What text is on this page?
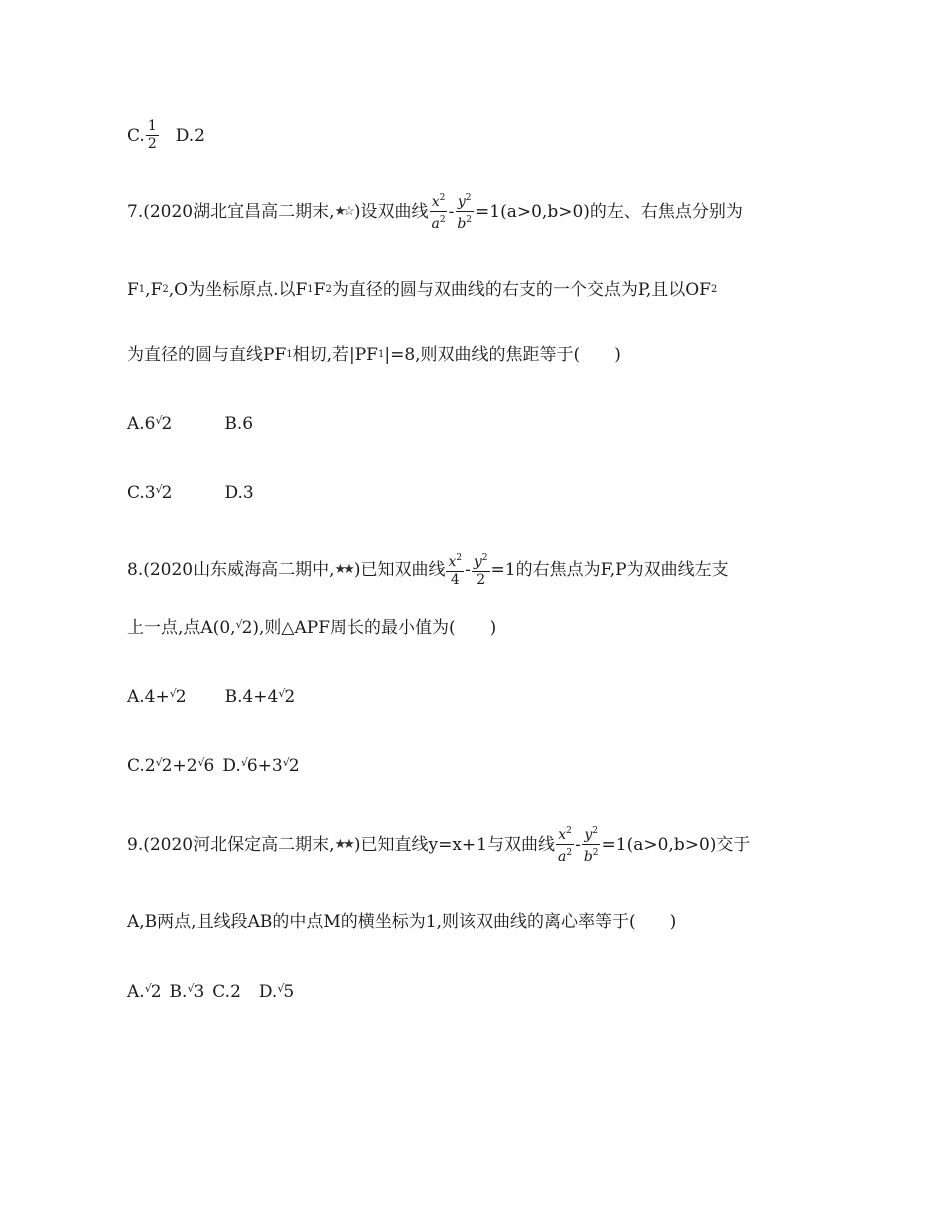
C. $\frac{1}{2} D.2$
7.(2020湖北宜昌高二期末, ★☆ )设双曲线 $\frac{x^2}{a^2} - \frac{y^2}{b^2} =1(a>0,b>0)$的左、右焦点分别为
F 1 , F 2 ,O为坐标原点.以 F 1 F 2 为直径的圆与双曲线的右支的一个交点为P,且以OF 2
为直径的圆与直线PF 1 相切,若|PF 1 |=8,则双曲线的焦距等于( )
A.6 √ 2	B.6
C.3 √ 2	D.3
8.(2020山东威海高二期中, ★★ )已知双曲线 $\frac{x^2}{4} - \frac{y^2}{2} =1$的右焦点为F,P为双曲线左支
上一点,点A(0, √ 2 ),则△APF周长的最小值为( )
A.4+ √ 2 B.4+4 √ 2
C.2 √ 2 +2 √ 6 D. √ 6 +3 √ 2
9.(2020河北保定高二期末, ★★ )已知直线y=x+1与双曲线 $\frac{x^2}{a^2} - \frac{y^2}{b^2} =1(a>0,b>0)$交于
A,B两点,且线段AB的中点M的横坐标为1,则该双曲线的离心率等于( )
A. √ 2 B. √ 3 C.2 D. √ 5
